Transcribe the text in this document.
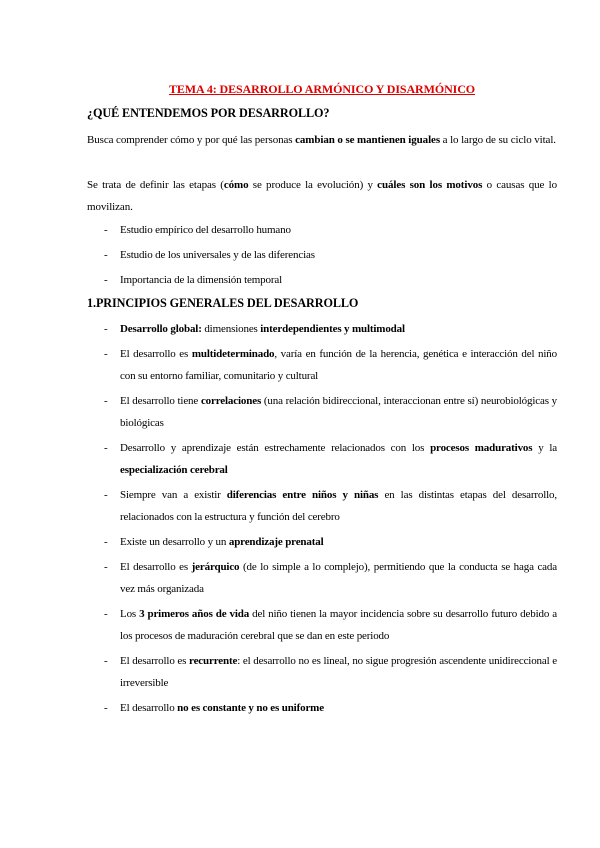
TEMA 4: DESARROLLO ARMÓNICO Y DISARMÓNICO
¿QUÉ ENTENDEMOS POR DESARROLLO?

Busca comprender cómo y por qué las personas cambian o se mantienen iguales a lo largo de su ciclo vital.

Se trata de definir las etapas (cómo se produce la evolución) y cuáles son los motivos o causas que lo movilizan.

- Estudio empírico del desarrollo humano
- Estudio de los universales y de las diferencias
- Importancia de la dimensión temporal
1.PRINCIPIOS GENERALES DEL DESARROLLO
- Desarrollo global: dimensiones interdependientes y multimodal
- El desarrollo es multideterminado, varía en función de la herencia, genética e interacción del niño con su entorno familiar, comunitario y cultural
- El desarrollo tiene correlaciones (una relación bidireccional, interaccionan entre sí) neurobiológicas y biológicas
- Desarrollo y aprendizaje están estrechamente relacionados con los procesos madurativos y la especialización cerebral
- Siempre van a existir diferencias entre niños y niñas en las distintas etapas del desarrollo, relacionados con la estructura y función del cerebro
- Existe un desarrollo y un aprendizaje prenatal
- El desarrollo es jerárquico (de lo simple a lo complejo), permitiendo que la conducta se haga cada vez más organizada
- Los 3 primeros años de vida del niño tienen la mayor incidencia sobre su desarrollo futuro debido a los procesos de maduración cerebral que se dan en este periodo
- El desarrollo es recurrente: el desarrollo no es lineal, no sigue progresión ascendente unidireccional e irreversible
- El desarrollo no es constante y no es uniforme
